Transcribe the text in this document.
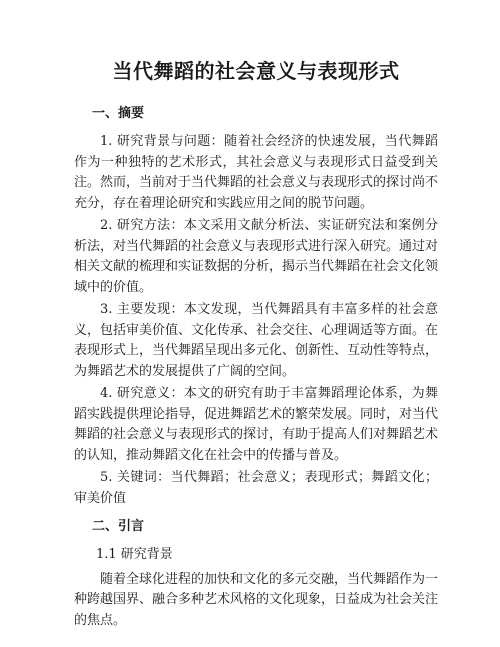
当代舞蹈的社会意义与表现形式
一、摘要

1. 研究背景与问题：随着社会经济的快速发展，当代舞蹈作为一种独特的艺术形式，其社会意义与表现形式日益受到关注。然而，当前对于当代舞蹈的社会意义与表现形式的探讨尚不充分，存在着理论研究和实践应用之间的脱节问题。

2. 研究方法：本文采用文献分析法、实证研究法和案例分析法，对当代舞蹈的社会意义与表现形式进行深入研究。通过对相关文献的梳理和实证数据的分析，揭示当代舞蹈在社会文化领域中的价值。

3. 主要发现：本文发现，当代舞蹈具有丰富多样的社会意义，包括审美价值、文化传承、社会交往、心理调适等方面。在表现形式上，当代舞蹈呈现出多元化、创新性、互动性等特点，为舞蹈艺术的发展提供了广阔的空间。

4. 研究意义：本文的研究有助于丰富舞蹈理论体系，为舞蹈实践提供理论指导，促进舞蹈艺术的繁荣发展。同时，对当代舞蹈的社会意义与表现形式的探讨，有助于提高人们对舞蹈艺术的认知，推动舞蹈文化在社会中的传播与普及。

5. 关键词：当代舞蹈；社会意义；表现形式；舞蹈文化；审美价值

二、引言
1.1 研究背景

随着全球化进程的加快和文化的多元交融，当代舞蹈作为一种跨越国界、融合多种艺术风格的文化现象，日益成为社会关注的焦点。
